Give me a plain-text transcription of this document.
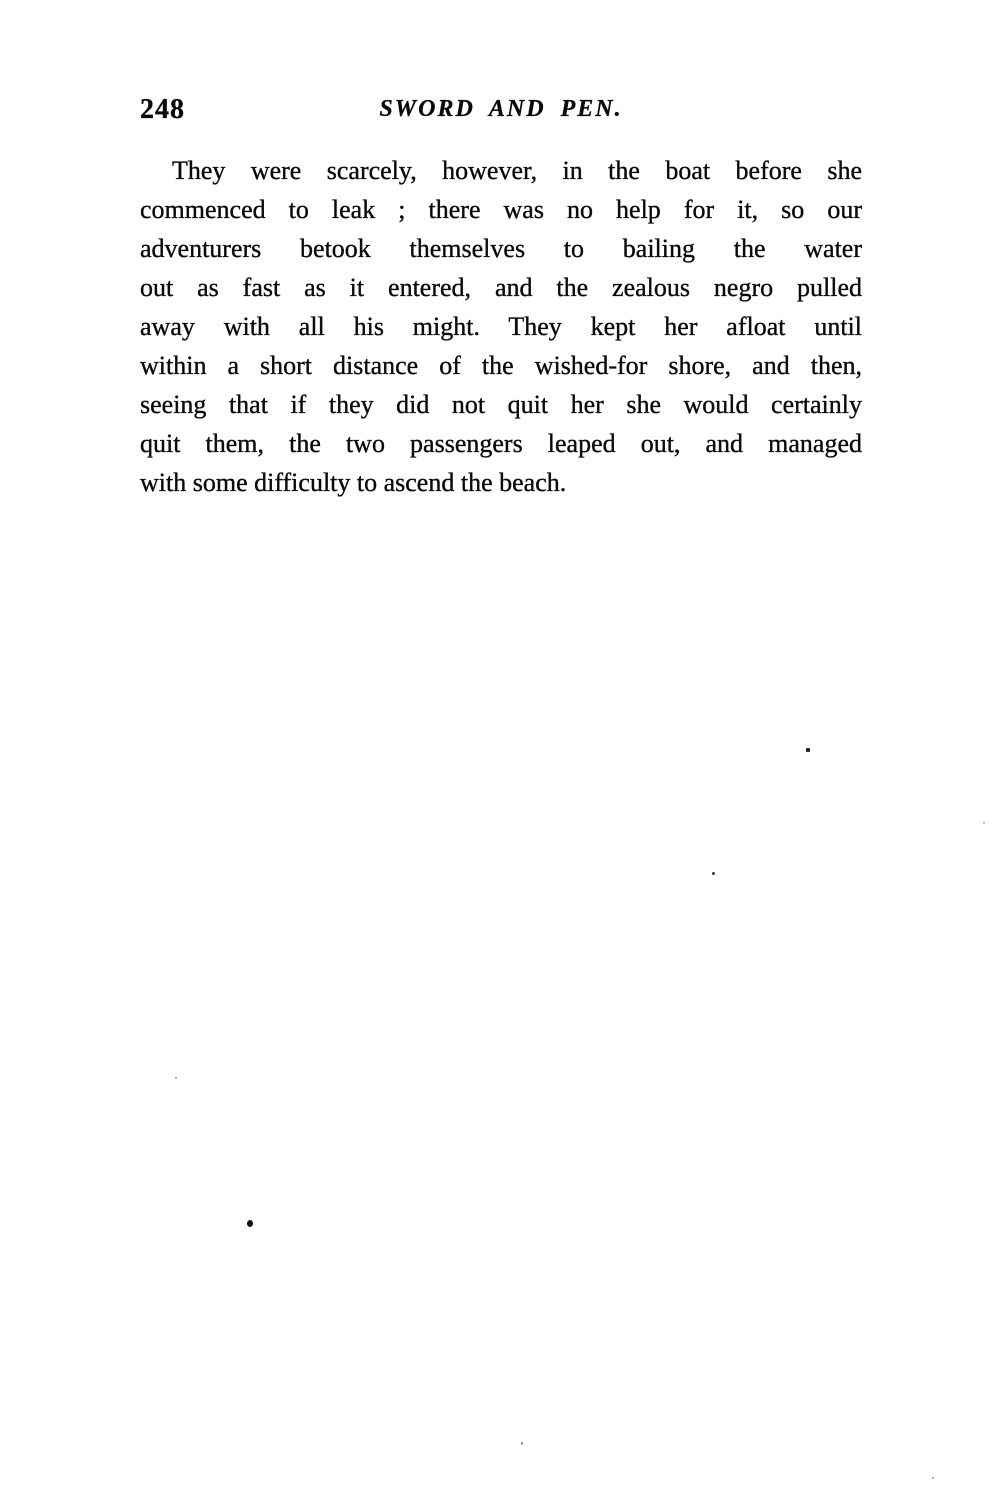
248	SWORD AND PEN.
They were scarcely, however, in the boat before she
commenced to leak ; there was no help for it, so our
adventurers betook themselves to bailing the water
out as fast as it entered, and the zealous negro pulled
away with all his might. They kept her afloat until
within a short distance of the wished-for shore, and then,
seeing that if they did not quit her she would certainly
quit them, the two passengers leaped out, and managed
with some difficulty to ascend the beach.
